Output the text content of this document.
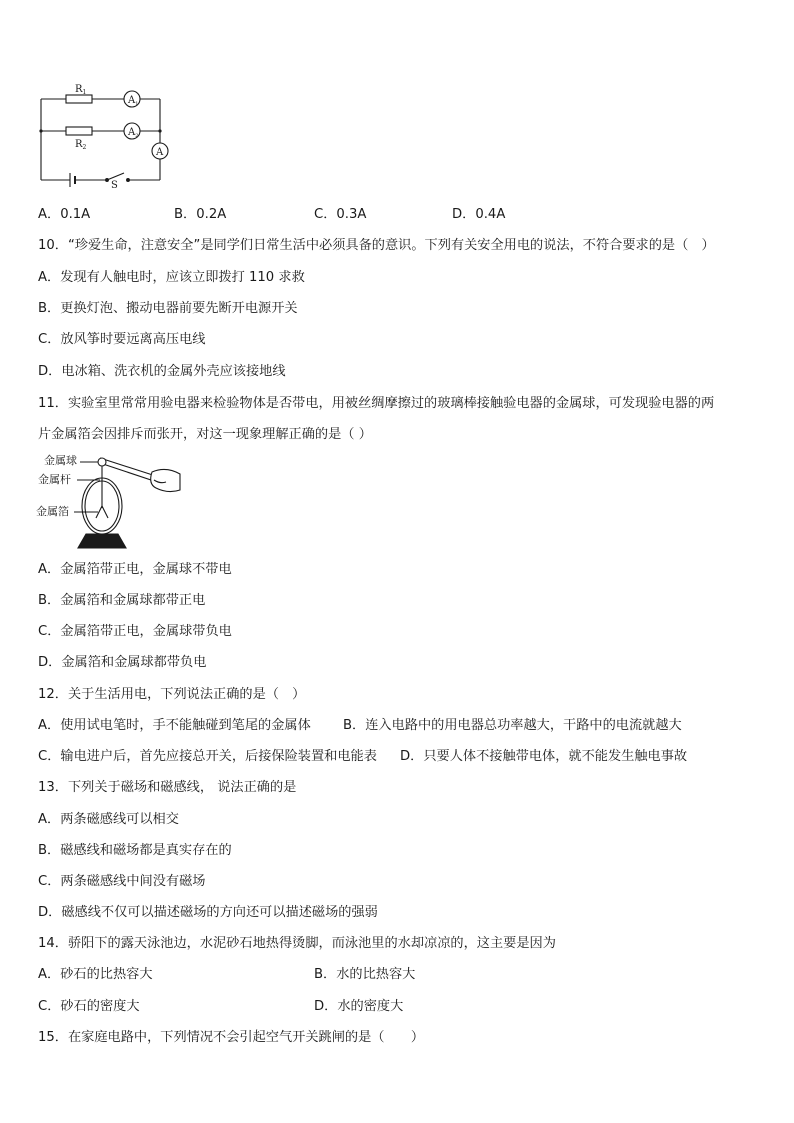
$R_1$
$R_2$
$A_1$
$A_2$
A
S
A．0.1A	B．0.2A	C．0.3A	D．0.4A
10．“珍爱生命，注意安全”是同学们日常生活中必须具备的意识。下列有关安全用电的说法，不符合要求的是（　）
A．发现有人触电时，应该立即拨打 110 求救
B．更换灯泡、搬动电器前要先断开电源开关
C．放风筝时要远离高压电线
D．电冰箱、洗衣机的金属外壳应该接地线
11．实验室里常常用验电器来检验物体是否带电，用被丝绸摩擦过的玻璃棒接触验电器的金属球，可发现验电器的两
片金属箔会因排斥而张开，对这一现象理解正确的是（ ）
金属球
金属杆
金属箔
A．金属箔带正电，金属球不带电
B．金属箔和金属球都带正电
C．金属箔带正电，金属球带负电
D．金属箔和金属球都带负电
12．关于生活用电，下列说法正确的是（　）
A．使用试电笔时，手不能触碰到笔尾的金属体 B．连入电路中的用电器总功率越大，干路中的电流就越大
C．输电进户后，首先应接总开关，后接保险装置和电能表 D．只要人体不接触带电体，就不能发生触电事故
13．下列关于磁场和磁感线， 说法正确的是
A．两条磁感线可以相交
B．磁感线和磁场都是真实存在的
C．两条磁感线中间没有磁场
D．磁感线不仅可以描述磁场的方向还可以描述磁场的强弱
14．骄阳下的露天泳池边，水泥砂石地热得烫脚，而泳池里的水却凉凉的，这主要是因为
A．砂石的比热容大	B．水的比热容大
C．砂石的密度大	D．水的密度大
15．在家庭电路中，下列情况不会引起空气开关跳闸的是（　　）
